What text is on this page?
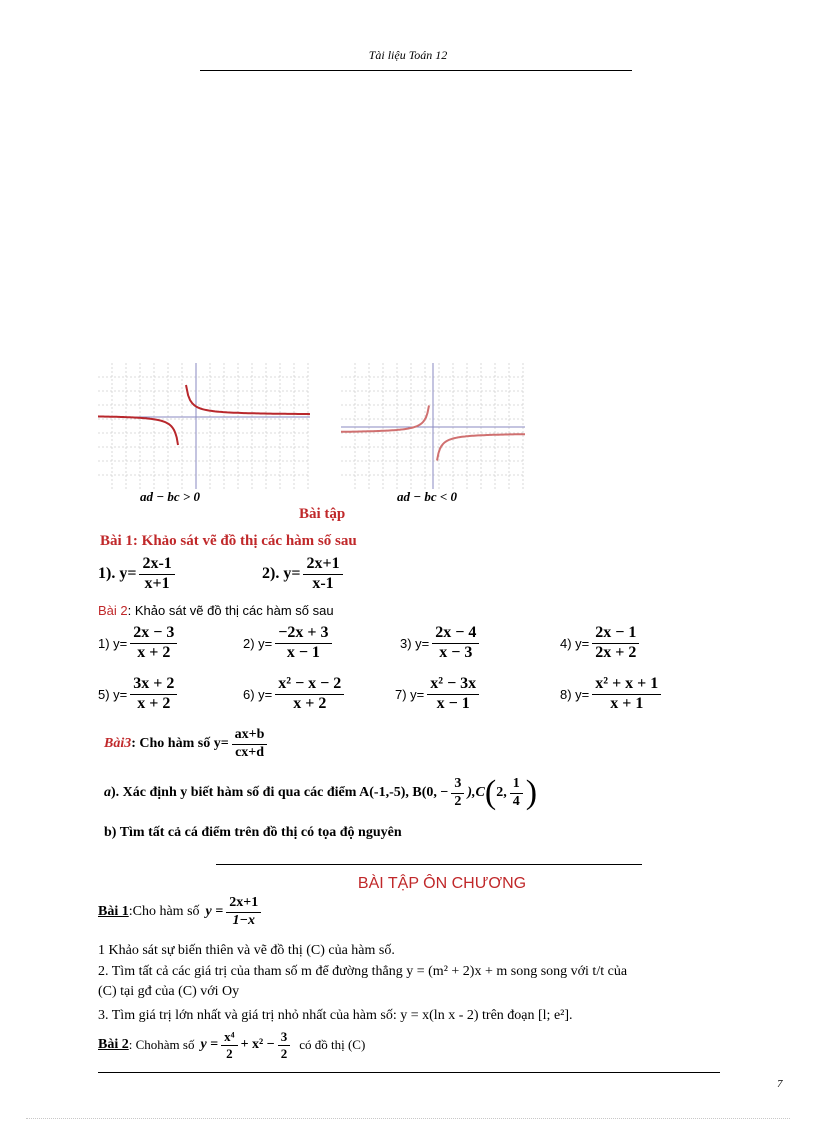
Tài liệu Toán 12
ad − bc > 0	ad − bc < 0
Bài tập
Bài 1: Khảo sát vẽ đồ thị các hàm số sau
1). $y= \frac{2x-1}{x+1}$	2). $y= \frac{2x+1}{x-1}$
Bài 2: Khảo sát vẽ đồ thị các hàm số sau
1) $y= \frac{2x - 3}{x + 2}$	2) $y= \frac{-2x + 3}{x - 1}$	3) $y= \frac{2x - 4}{x - 3}$	4) $y= \frac{2x - 1}{2x + 2}$
5) $y= \frac{3x + 2}{x + 2}$	6) $y= \frac{\text{x² − x − 2}}{x + 2}$	7) $y= \frac{\text{x² − 3x}}{x - 1}$	8) $y= \frac{\text{x² + x + 1}}{x + 1}$
Bài3 : Cho hàm số $y= \frac{ax+b}{cx+d}$
a ). Xác định y biết hàm số đi qua các điểm A(-1,-5), B(0, − $\frac{3}{2} ),C$ ( 2, $\frac{1}{4}$ )
b) Tìm tất cả cá điểm trên đồ thị có tọa độ nguyên
BÀI TẬP ÔN CHƯƠNG
Bài 1 :Cho hàm số $y = \frac{2x+1}{1-x}$
1 Khảo sát sự biến thiên và vẽ đồ thị (C) của hàm số.
2. Tìm tất cả các giá trị của tham số m để đường thẳng y = (m² + 2)x + m song song với t/t của
(C) tại gđ của (C) với Oy
3. Tìm giá trị lớn nhất và giá trị nhỏ nhất của hàm số: y = x(ln x - 2) trên đoạn [l; e²].
Bài 2 : Chohàm số $y = \frac{\text{x⁴}}{2} + x^2 - \frac{3}{2}$ có đồ thị (C)
7
